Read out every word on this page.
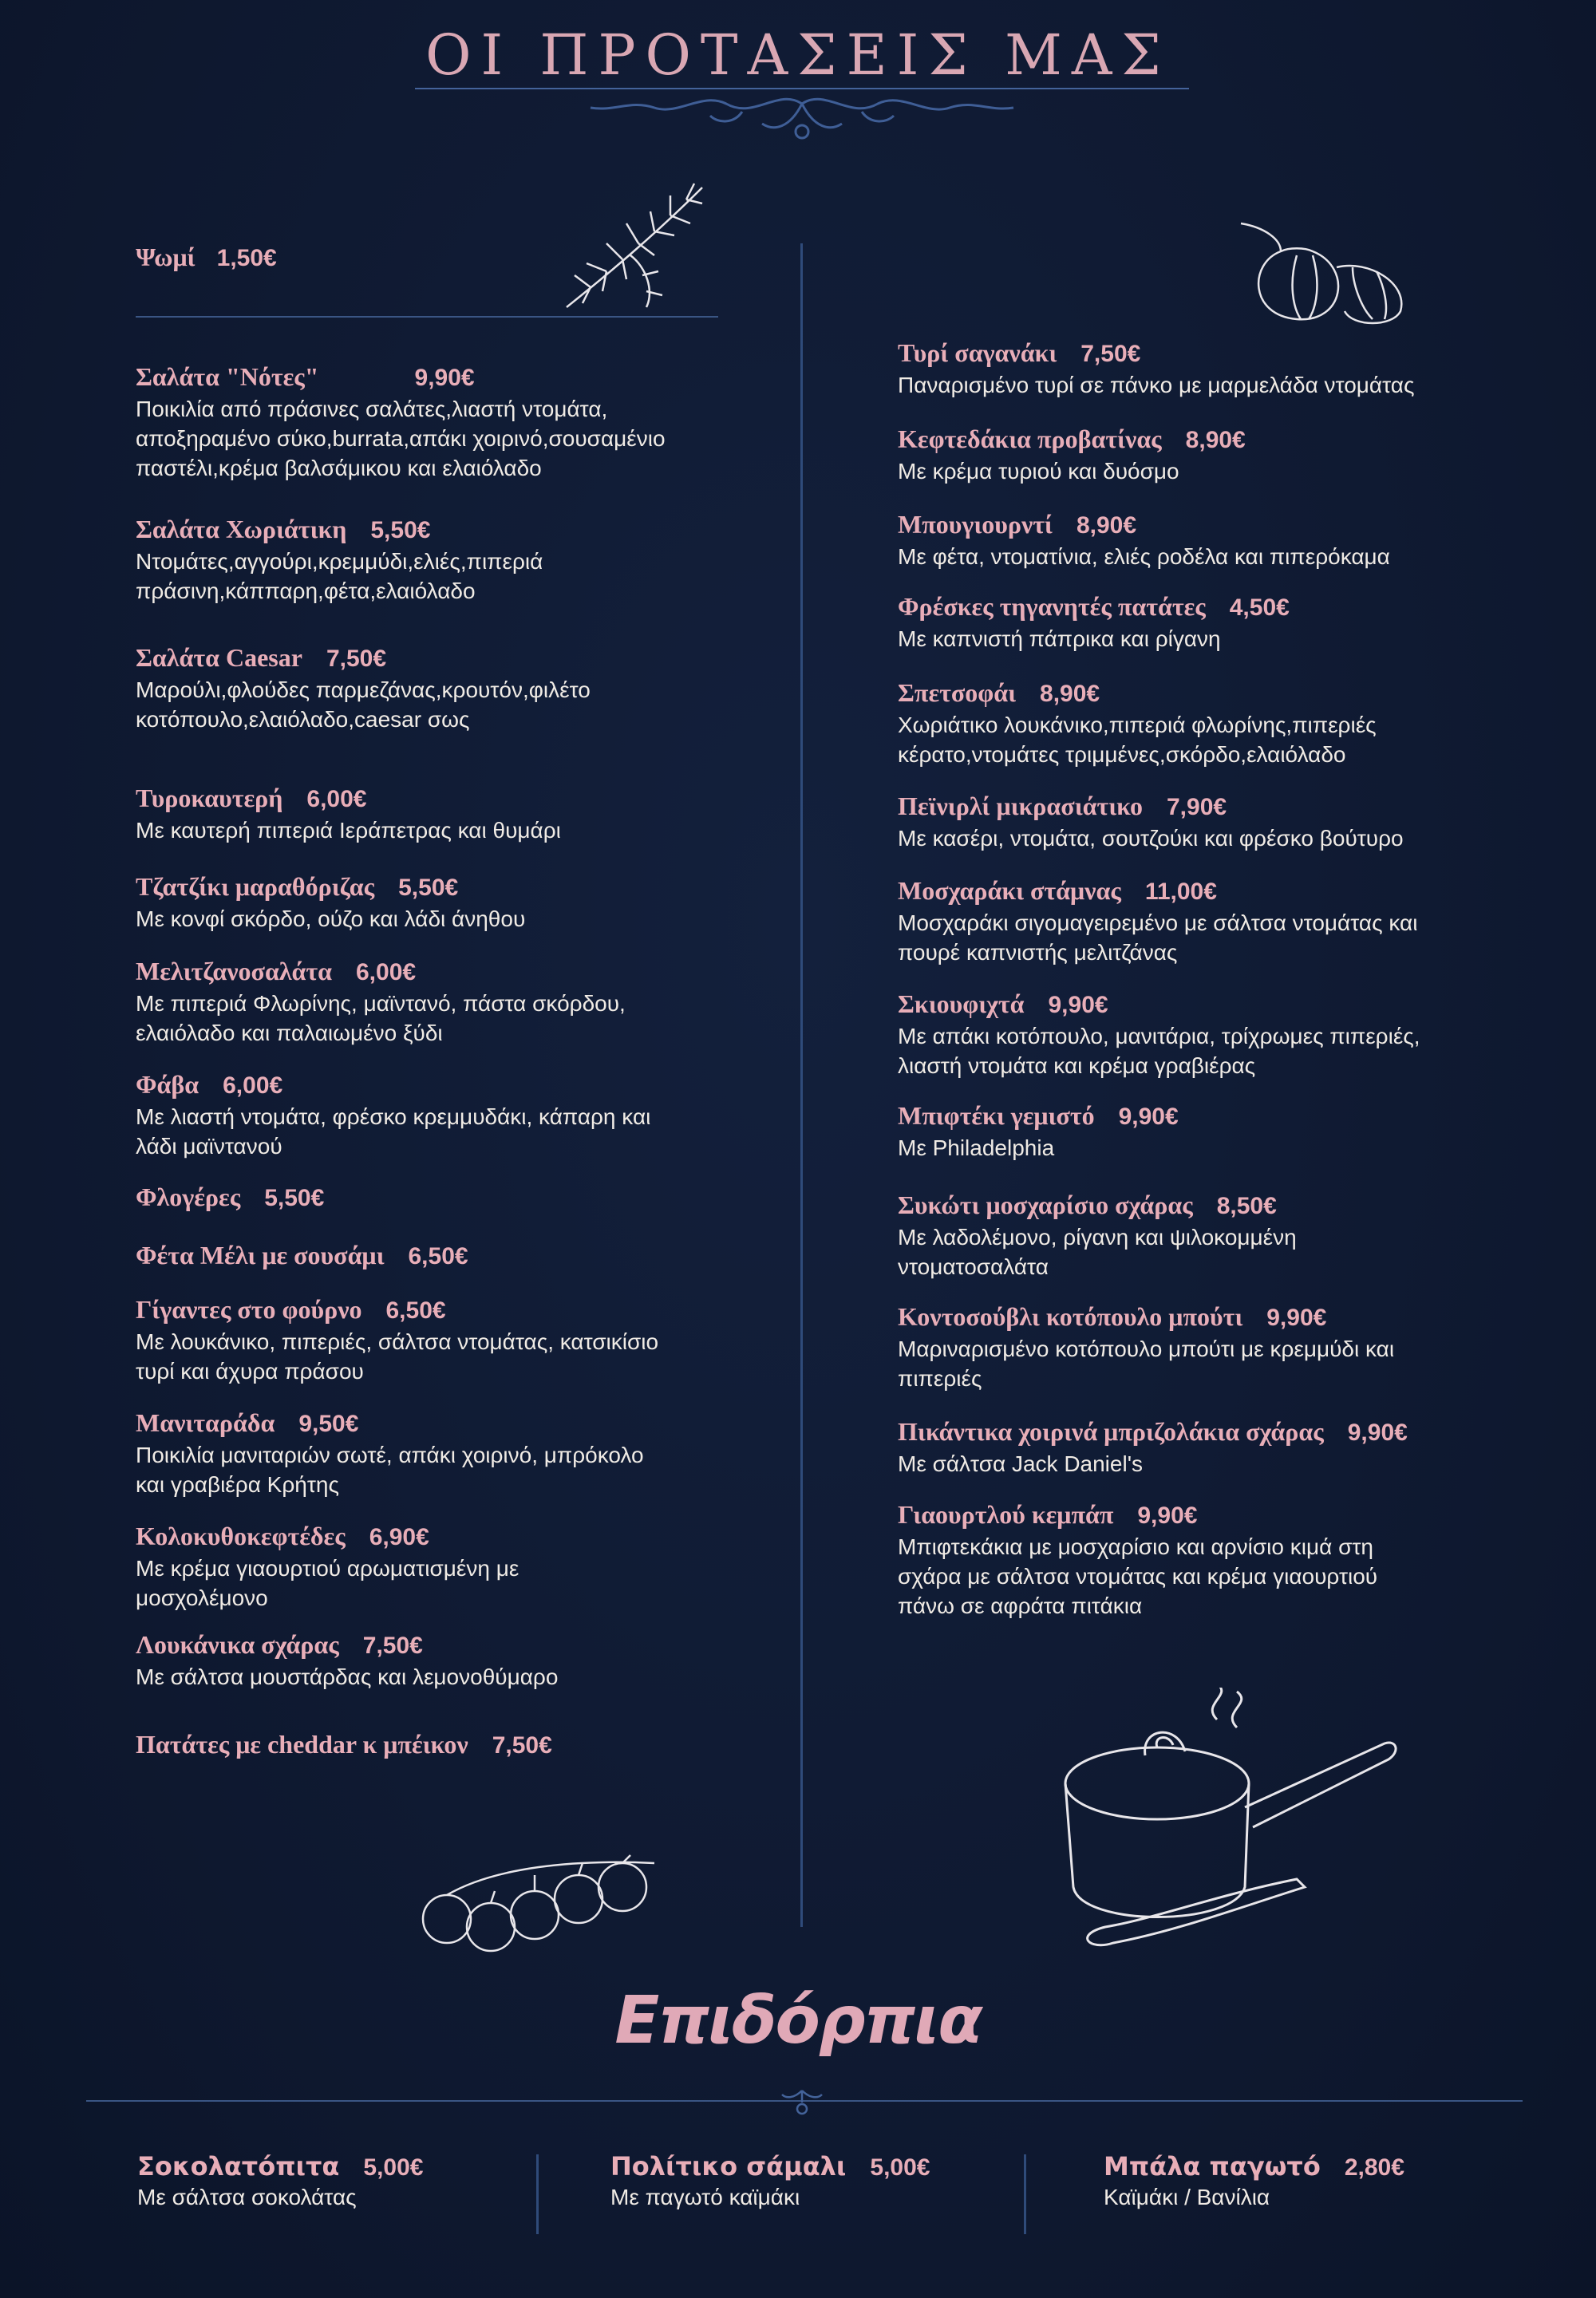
ΟΙ ΠΡΟΤΑΣΕΙΣ ΜΑΣ
Ψωμί 1,50€
Σαλάτα "Νότες"	9,90€
Ποικιλία από πράσινες σαλάτες,λιαστή ντομάτα,
αποξηραμένο σύκο,burrata,απάκι χοιρινό,σουσαμένιο
παστέλι,κρέμα βαλσάμικου και ελαιόλαδο
Σαλάτα Χωριάτικη 5,50€
Ντομάτες,αγγούρι,κρεμμύδι,ελιές,πιπεριά
πράσινη,κάππαρη,φέτα,ελαιόλαδο
Σαλάτα Caesar 7,50€
Μαρούλι,φλούδες παρμεζάνας,κρουτόν,φιλέτο
κοτόπουλο,ελαιόλαδο,caesar σως
Τυροκαυτερή 6,00€
Με καυτερή πιπεριά Ιεράπετρας και θυμάρι
Τζατζίκι μαραθόριζας 5,50€
Με κονφί σκόρδο, ούζο και λάδι άνηθου
Μελιτζανοσαλάτα 6,00€
Με πιπεριά Φλωρίνης, μαϊντανό, πάστα σκόρδου,
ελαιόλαδο και παλαιωμένο ξύδι
Φάβα 6,00€
Με λιαστή ντομάτα, φρέσκο κρεμμυδάκι, κάπαρη και
λάδι μαϊντανού
Φλογέρες 5,50€
Φέτα Μέλι με σουσάμι 6,50€
Γίγαντες στο φούρνο 6,50€
Με λουκάνικο, πιπεριές, σάλτσα ντομάτας, κατσικίσιο
τυρί και άχυρα πράσου
Μανιταράδα 9,50€
Ποικιλία μανιταριών σωτέ, απάκι χοιρινό, μπρόκολο
και γραβιέρα Κρήτης
Κολοκυθοκεφτέδες 6,90€
Με κρέμα γιαουρτιού αρωματισμένη με
μοσχολέμονο
Λουκάνικα σχάρας 7,50€
Με σάλτσα μουστάρδας και λεμονοθύμαρο
Πατάτες με cheddar κ μπέικον 7,50€
Τυρί σαγανάκι 7,50€
Παναρισμένο τυρί σε πάνκο με μαρμελάδα ντομάτας
Κεφτεδάκια προβατίνας 8,90€
Με κρέμα τυριού και δυόσμο
Μπουγιουρντί 8,90€
Με φέτα, ντοματίνια, ελιές ροδέλα και πιπερόκαμα
Φρέσκες τηγανητές πατάτες 4,50€
Με καπνιστή πάπρικα και ρίγανη
Σπετσοφάι 8,90€
Χωριάτικο λουκάνικο,πιπεριά φλωρίνης,πιπεριές
κέρατο,ντομάτες τριμμένες,σκόρδο,ελαιόλαδο
Πεϊνιρλί μικρασιάτικο 7,90€
Με κασέρι, ντομάτα, σουτζούκι και φρέσκο βούτυρο
Μοσχαράκι στάμνας 11,00€
Μοσχαράκι σιγομαγειρεμένο με σάλτσα ντομάτας και
πουρέ καπνιστής μελιτζάνας
Σκιουφιχτά 9,90€
Με απάκι κοτόπουλο, μανιτάρια, τρίχρωμες πιπεριές,
λιαστή ντομάτα και κρέμα γραβιέρας
Μπιφτέκι γεμιστό 9,90€
Με Philadelphia
Συκώτι μοσχαρίσιο σχάρας 8,50€
Με λαδολέμονο, ρίγανη και ψιλοκομμένη
ντοματοσαλάτα
Κοντοσούβλι κοτόπουλο μπούτι 9,90€
Μαριναρισμένο κοτόπουλο μπούτι με κρεμμύδι και
πιπεριές
Πικάντικα χοιρινά μπριζολάκια σχάρας 9,90€
Με σάλτσα Jack Daniel's
Γιαουρτλού κεμπάπ 9,90€
Μπιφτεκάκια με μοσχαρίσιο και αρνίσιο κιμά στη
σχάρα με σάλτσα ντομάτας και κρέμα γιαουρτιού
πάνω σε αφράτα πιτάκια
Επιδόρπια
Σοκολατόπιτα 5,00€
Με σάλτσα σοκολάτας
Πολίτικο σάμαλι 5,00€
Με παγωτό καϊμάκι
Μπάλα παγωτό 2,80€
Καϊμάκι / Βανίλια
